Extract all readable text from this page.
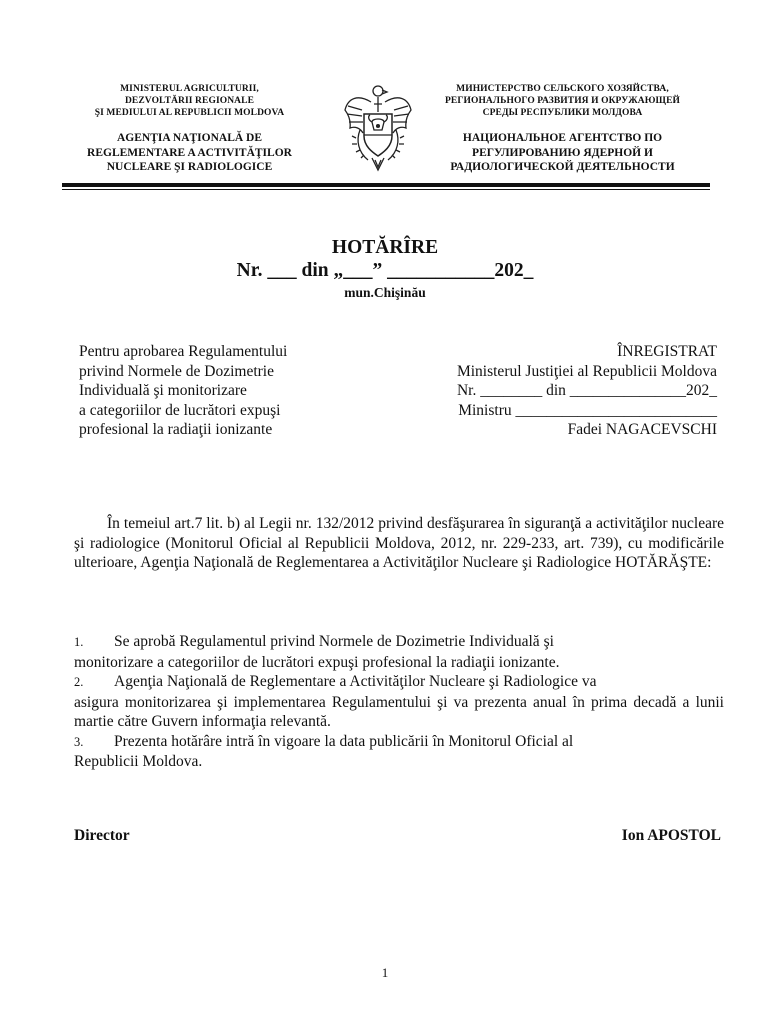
MINISTERUL AGRICULTURII,
DEZVOLTĂRII REGIONALE
ŞI MEDIULUI AL REPUBLICII MOLDOVA
AGENŢIA NAŢIONALĂ DE
REGLEMENTARE A ACTIVITĂŢILOR
NUCLEARE ŞI RADIOLOGICE
МИНИСТЕРСТВО СЕЛЬСКОГО ХОЗЯЙСТВА,
РЕГИОНАЛЬНОГО РАЗВИТИЯ И ОКРУЖАЮЩЕЙ
СРЕДЫ РЕСПУБЛИКИ МОЛДОВА
НАЦИОНАЛЬНОЕ АГЕНТСТВО ПО
РЕГУЛИРОВАНИЮ ЯДЕРНОЙ И
РАДИОЛОГИЧЕСКОЙ ДЕЯТЕЛЬНОСТИ
HOTĂRÎRE
Nr. ___ din „___” ___________202_
mun.Chişinău
Pentru aprobarea Regulamentului
privind Normele de Dozimetrie
Individuală şi monitorizare
a categoriilor de lucrători expuşi
profesional la radiaţii ionizante
ÎNREGISTRAT
Ministerul Justiţiei al Republicii Moldova
Nr. ________ din _______________202_
Ministru __________________________
Fadei NAGACEVSCHI
În temeiul art.7 lit. b) al Legii nr. 132/2012 privind desfăşurarea în siguranţă a activităţilor nucleare şi radiologice (Monitorul Oficial al Republicii Moldova, 2012, nr. 229-233, art. 739), cu modificările ulterioare, Agenţia Naţională de Reglementarea a Activităţilor Nucleare şi Radiologice HOTĂRĂŞTE:
1. Se aprobă Regulamentul privind Normele de Dozimetrie Individuală şi
monitorizare a categoriilor de lucrători expuşi profesional la radiaţii ionizante.
2. Agenţia Naţională de Reglementare a Activităţilor Nucleare şi Radiologice va
asigura monitorizarea şi implementarea Regulamentului şi va prezenta anual în prima decadă a lunii martie către Guvern informaţia relevantă.
3. Prezenta hotărâre intră în vigoare la data publicării în Monitorul Oficial al
Republicii Moldova.
Director	Ion APOSTOL
1
